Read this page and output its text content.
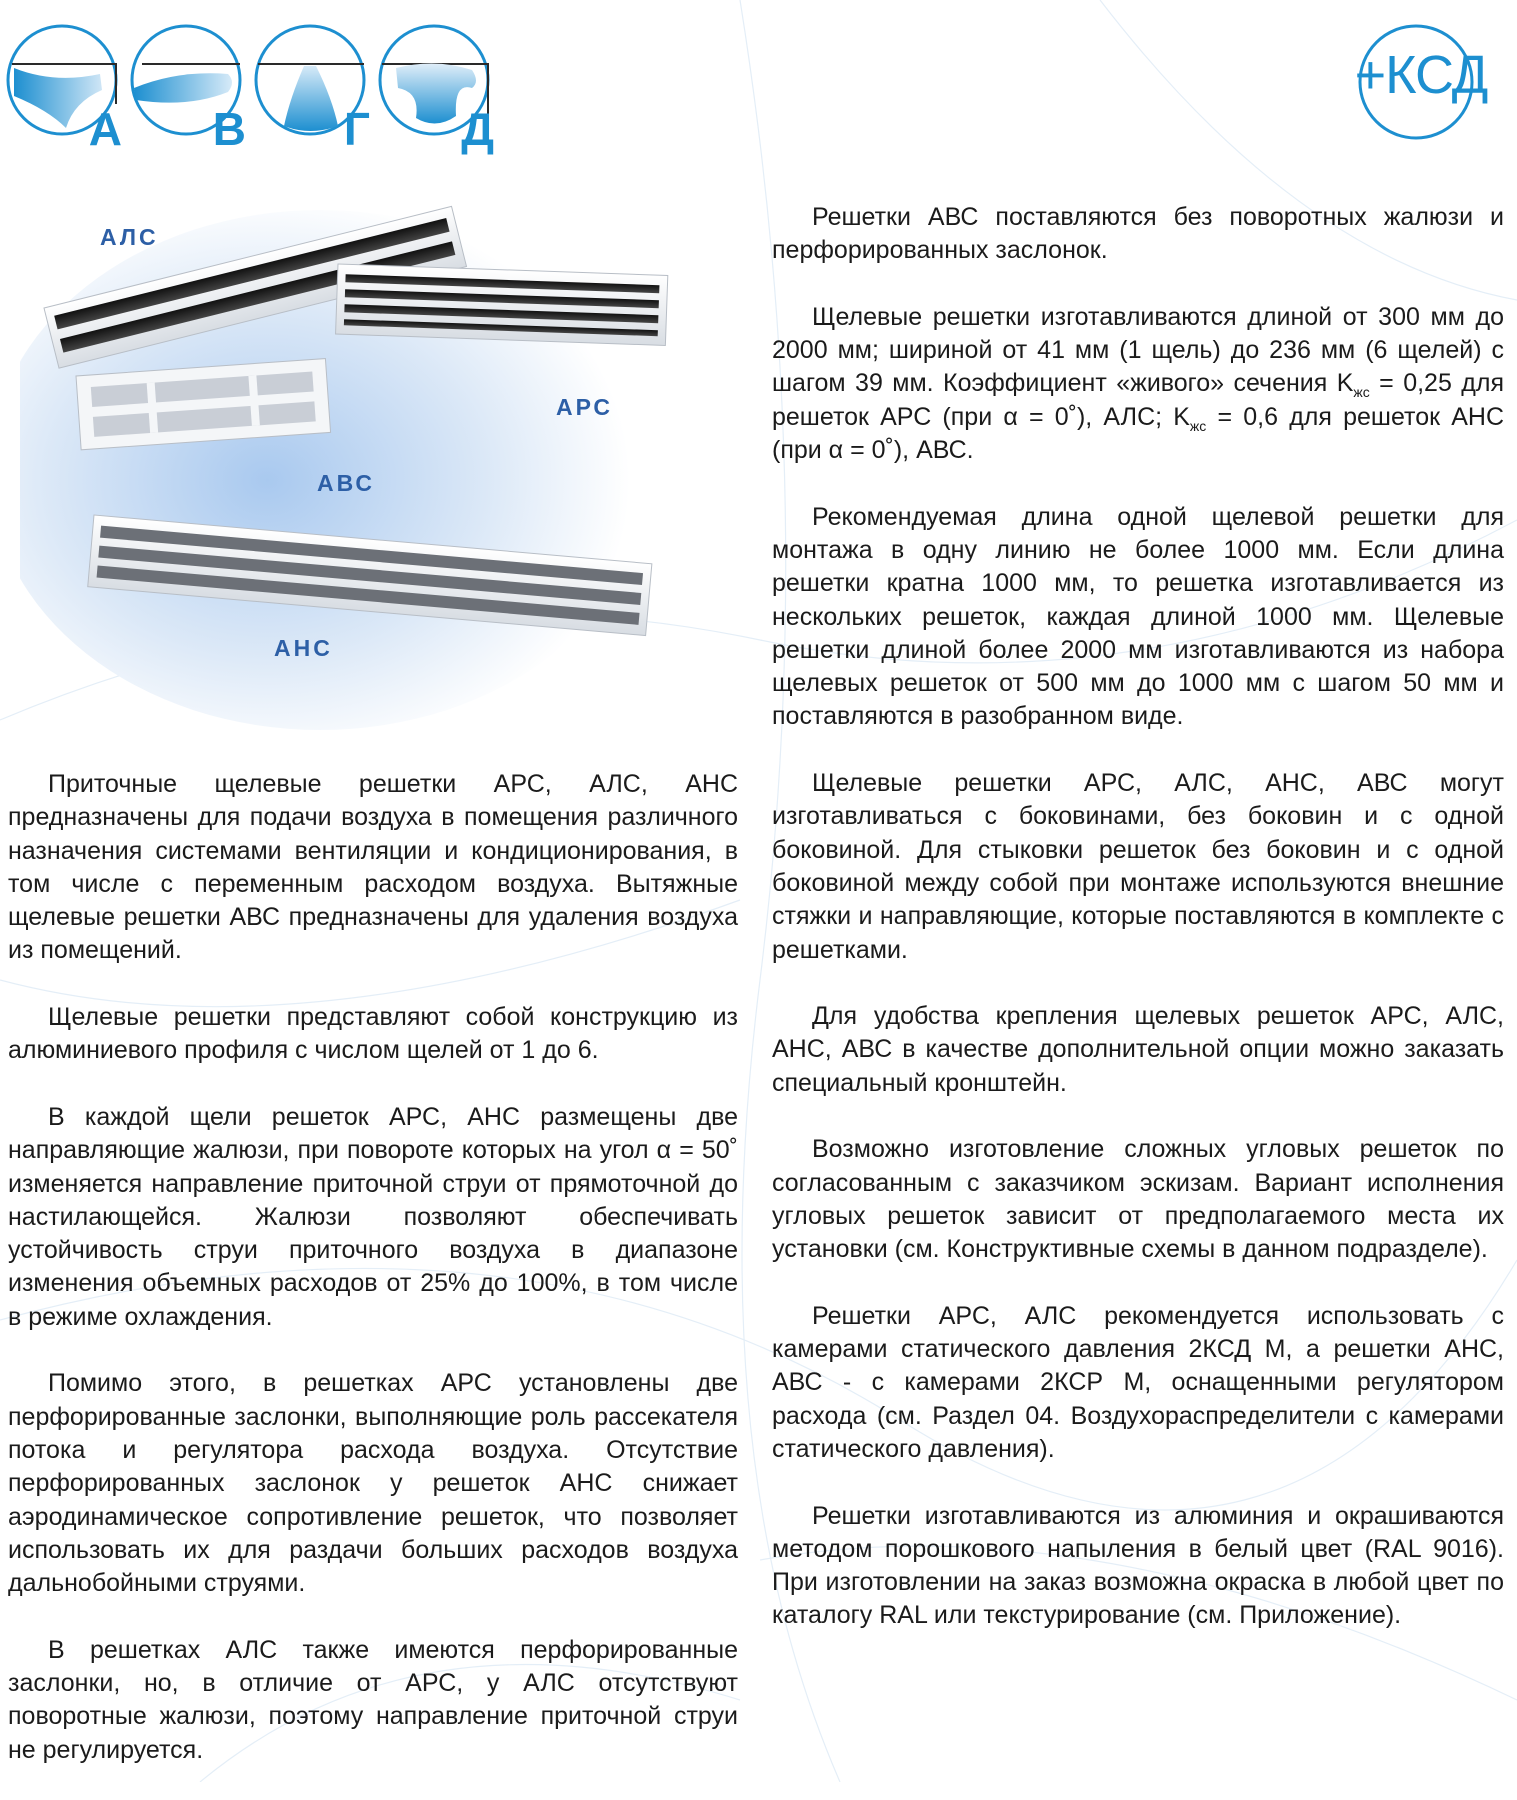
А В Г Д
+КСД
АЛС
АРС
АВС
АНС

Приточные щелевые решетки АРС, АЛС, АНС предназначены для подачи воздуха в помещения различного назначения системами вентиляции и кондиционирования, в том числе с переменным расходом воздуха. Вытяжные щелевые решетки АВС предназначены для удаления воздуха из помещений.

Щелевые решетки представляют собой конструкцию из алюминиевого профиля с числом щелей от 1 до 6.

В каждой щели решеток АРС, АНС размещены две направляющие жалюзи, при повороте которых на угол α = 50˚ изменяется направление приточной струи от прямоточной до настилающейся. Жалюзи позволяют обеспечивать устойчивость струи приточного воздуха в диапазоне изменения объемных расходов от 25% до 100%, в том числе в режиме охлаждения.

Помимо этого, в решетках АРС установлены две перфорированные заслонки, выполняющие роль рассекателя потока и регулятора расхода воздуха. Отсутствие перфорированных заслонок у решеток АНС снижает аэродинамическое сопротивление решеток, что позволяет использовать их для раздачи больших расходов воздуха дальнобойными струями.

В решетках АЛС также имеются перфорированные заслонки, но, в отличие от АРС, у АЛС отсутствуют поворотные жалюзи, поэтому направление приточной струи не регулируется.

Решетки АВС поставляются без поворотных жалюзи и перфорированных заслонок.

Щелевые решетки изготавливаются длиной от 300 мм до 2000 мм; шириной от 41 мм (1 щель) до 236 мм (6 щелей) с шагом 39 мм. Коэффициент «живого» сечения $K_{жс} = 0,25$ для решеток АРС (при α = 0˚), АЛС; $K_{жс} = 0,6$ для решеток АНС (при α = 0˚), АВС.

Рекомендуемая длина одной щелевой решетки для монтажа в одну линию не более 1000 мм. Если длина решетки кратна 1000 мм, то решетка изготавливается из нескольких решеток, каждая длиной 1000 мм. Щелевые решетки длиной более 2000 мм изготавливаются из набора щелевых решеток от 500 мм до 1000 мм с шагом 50 мм и поставляются в разобранном виде.

Щелевые решетки АРС, АЛС, АНС, АВС могут изготавливаться с боковинами, без боковин и с одной боковиной. Для стыковки решеток без боковин и с одной боковиной между собой при монтаже используются внешние стяжки и направляющие, которые поставляются в комплекте с решетками.

Для удобства крепления щелевых решеток АРС, АЛС, АНС, АВС в качестве дополнительной опции можно заказать специальный кронштейн.

Возможно изготовление сложных угловых решеток по согласованным с заказчиком эскизам. Вариант исполнения угловых решеток зависит от предполагаемого места их установки (см. Конструктивные схемы в данном подразделе).

Решетки АРС, АЛС рекомендуется использовать с камерами статического давления 2КСД М, а решетки АНС, АВС - с камерами 2КСР М, оснащенными регулятором расхода (см. Раздел 04. Воздухораспределители с камерами статического давления).

Решетки изготавливаются из алюминия и окрашиваются методом порошкового напыления в белый цвет (RAL 9016). При изготовлении на заказ возможна окраска в любой цвет по каталогу RAL или текстурирование (см. Приложение).
